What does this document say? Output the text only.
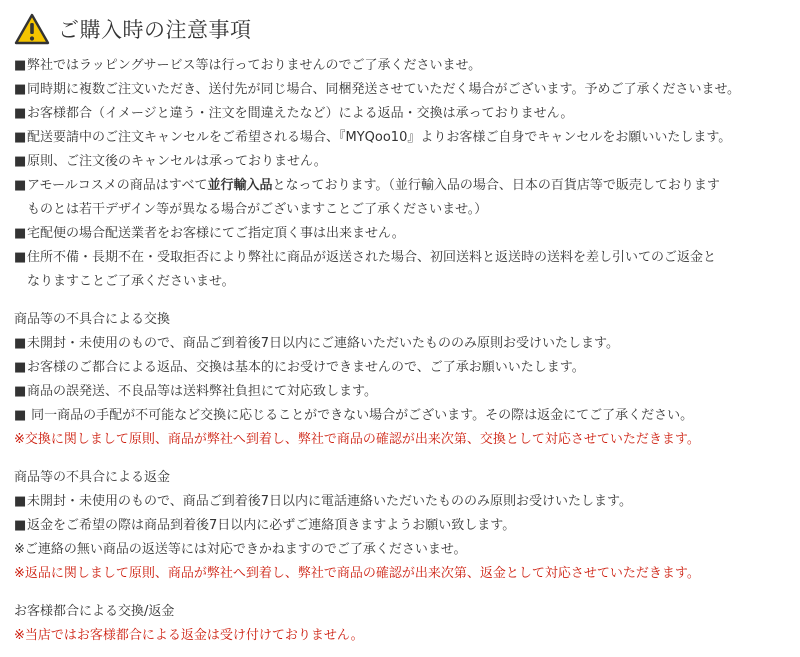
ご購入時の注意事項
■弊社ではラッピングサービス等は行っておりませんのでご了承くださいませ。
■同時期に複数ご注文いただき、送付先が同じ場合、同梱発送させていただく場合がございます。予めご了承くださいませ。
■お客様都合（イメージと違う・注文を間違えたなど）による返品・交換は承っておりません。
■配送要請中のご注文キャンセルをご希望される場合、『MYQoo10』よりお客様ご自身でキャンセルをお願いいたします。
■原則、ご注文後のキャンセルは承っておりません。
■アモールコスメの商品はすべて並行輸入品となっております。（並行輸入品の場合、日本の百貨店等で販売しております
ものとは若干デザイン等が異なる場合がございますことご了承くださいませ。）
■宅配便の場合配送業者をお客様にてご指定頂く事は出来ません。
■住所不備・長期不在・受取拒否により弊社に商品が返送された場合、初回送料と返送時の送料を差し引いてのご返金と
なりますことご了承くださいませ。
商品等の不具合による交換
■未開封・未使用のもので、商品ご到着後7日以内にご連絡いただいたもののみ原則お受けいたします。
■お客様のご都合による返品、交換は基本的にお受けできませんので、ご了承お願いいたします。
■商品の誤発送、不良品等は送料弊社負担にて対応致します。
■ 同一商品の手配が不可能など交換に応じることができない場合がございます。その際は返金にてご了承ください。
※交換に関しまして原則、商品が弊社へ到着し、弊社で商品の確認が出来次第、交換として対応させていただきます。
商品等の不具合による返金
■未開封・未使用のもので、商品ご到着後7日以内に電話連絡いただいたもののみ原則お受けいたします。
■返金をご希望の際は商品到着後7日以内に必ずご連絡頂きますようお願い致します。
※ご連絡の無い商品の返送等には対応できかねますのでご了承くださいませ。
※返品に関しまして原則、商品が弊社へ到着し、弊社で商品の確認が出来次第、返金として対応させていただきます。
お客様都合による交換/返金
※当店ではお客様都合による返金は受け付けておりません。
